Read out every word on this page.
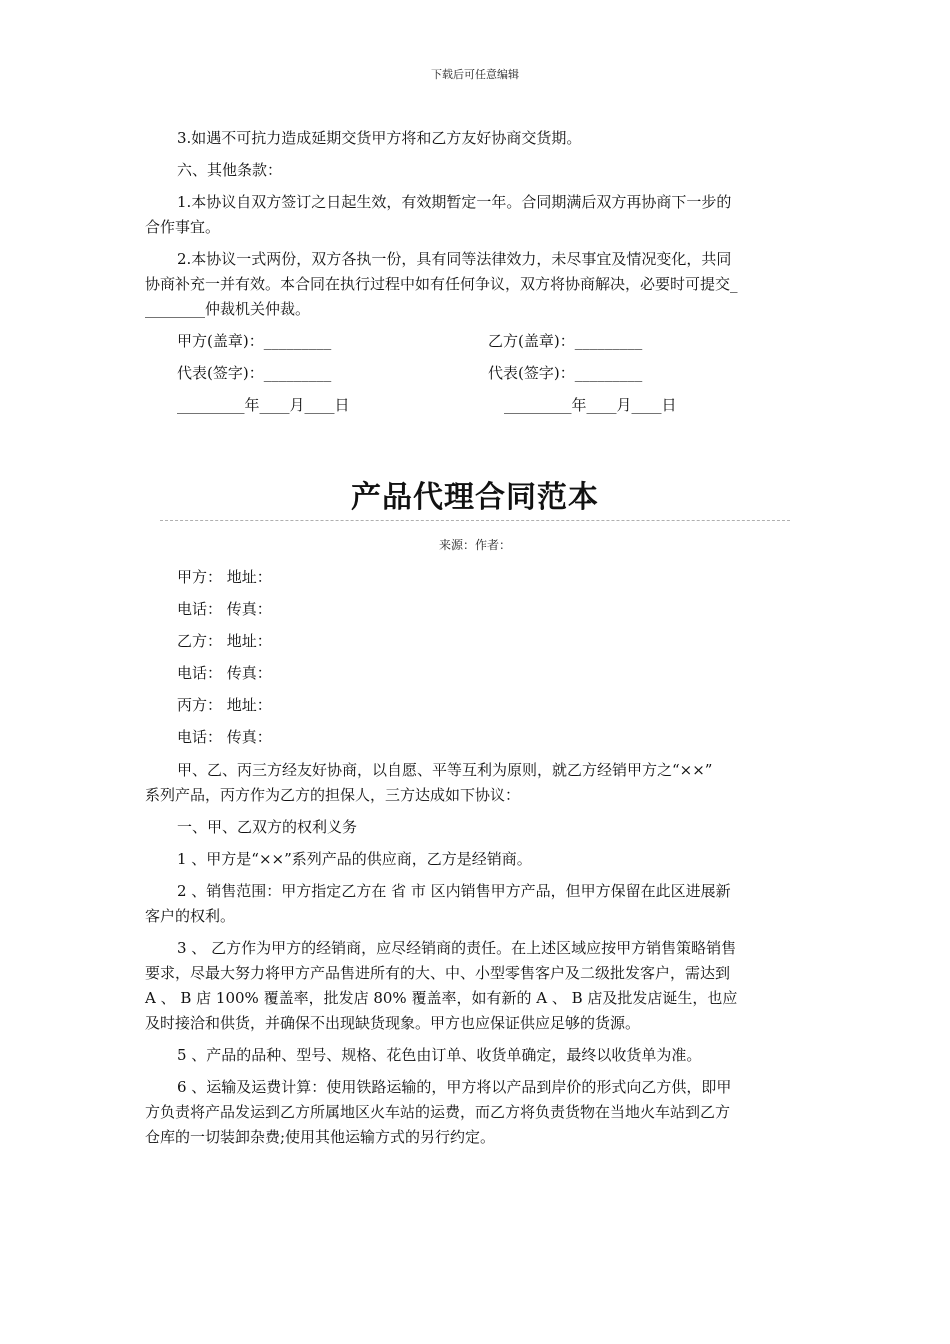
下载后可任意编辑
3.如遇不可抗力造成延期交货甲方将和乙方友好协商交货期。
六、其他条款：
1.本协议自双方签订之日起生效，有效期暂定一年。合同期满后双方再协商下一步的
合作事宜。
2.本协议一式两份，双方各执一份，具有同等法律效力，未尽事宜及情况变化，共同
协商补充一并有效。本合同在执行过程中如有任何争议，双方将协商解决，必要时可提交_
________仲裁机关仲裁。
甲方(盖章)：_________	乙方(盖章)：_________
代表(签字)：_________	代表(签字)：_________
_________年____月____日	_________年____月____日
产品代理合同范本
来源：作者：
甲方： 地址：
电话： 传真：
乙方： 地址：
电话： 传真：
丙方： 地址：
电话： 传真：
甲、乙、丙三方经友好协商，以自愿、平等互利为原则，就乙方经销甲方之“××”
系列产品，丙方作为乙方的担保人，三方达成如下协议：
一、甲、乙双方的权利义务
1 、甲方是“××”系列产品的供应商，乙方是经销商。
2 、销售范围：甲方指定乙方在 省 市 区内销售甲方产品，但甲方保留在此区进展新
客户的权利。
3 、 乙方作为甲方的经销商，应尽经销商的责任。在上述区域应按甲方销售策略销售
要求，尽最大努力将甲方产品售进所有的大、中、小型零售客户及二级批发客户，需达到
A 、 B 店 100% 覆盖率，批发店 80% 覆盖率，如有新的 A 、 B 店及批发店诞生，也应
及时接洽和供货，并确保不出现缺货现象。甲方也应保证供应足够的货源。
5 、产品的品种、型号、规格、花色由订单、收货单确定，最终以收货单为准。
6 、运输及运费计算：使用铁路运输的，甲方将以产品到岸价的形式向乙方供，即甲
方负责将产品发运到乙方所属地区火车站的运费，而乙方将负责货物在当地火车站到乙方
仓库的一切装卸杂费;使用其他运输方式的另行约定。
